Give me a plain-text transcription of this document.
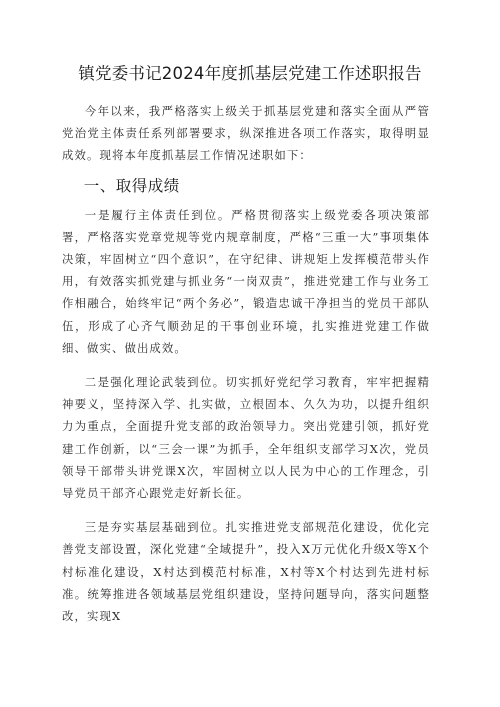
镇党委书记2024年度抓基层党建工作述职报告

今年以来，我严格落实上级关于抓基层党建和落实全面从严管党治党主体责任系列部署要求，纵深推进各项工作落实，取得明显成效。现将本年度抓基层工作情况述职如下：

一、取得成绩

一是履行主体责任到位。严格贯彻落实上级党委各项决策部署，严格落实党章党规等党内规章制度，严格“三重一大”事项集体决策，牢固树立“四个意识”，在守纪律、讲规矩上发挥模范带头作用，有效落实抓党建与抓业务“一岗双责”，推进党建工作与业务工作相融合，始终牢记“两个务必”，锻造忠诚干净担当的党员干部队伍，形成了心齐气顺劲足的干事创业环境，扎实推进党建工作做细、做实、做出成效。

二是强化理论武装到位。切实抓好党纪学习教育，牢牢把握精神要义，坚持深入学、扎实做，立根固本、久久为功，以提升组织力为重点，全面提升党支部的政治领导力。突出党建引领，抓好党建工作创新，以“三会一课”为抓手，全年组织支部学习X次，党员领导干部带头讲党课X次，牢固树立以人民为中心的工作理念，引导党员干部齐心跟党走好新长征。

三是夯实基层基础到位。扎实推进党支部规范化建设，优化完善党支部设置，深化党建“全域提升”，投入X万元优化升级X等X个村标准化建设，X村达到模范村标准，X村等X个村达到先进村标准。统筹推进各领域基层党组织建设，坚持问题导向，落实问题整改，实现X
